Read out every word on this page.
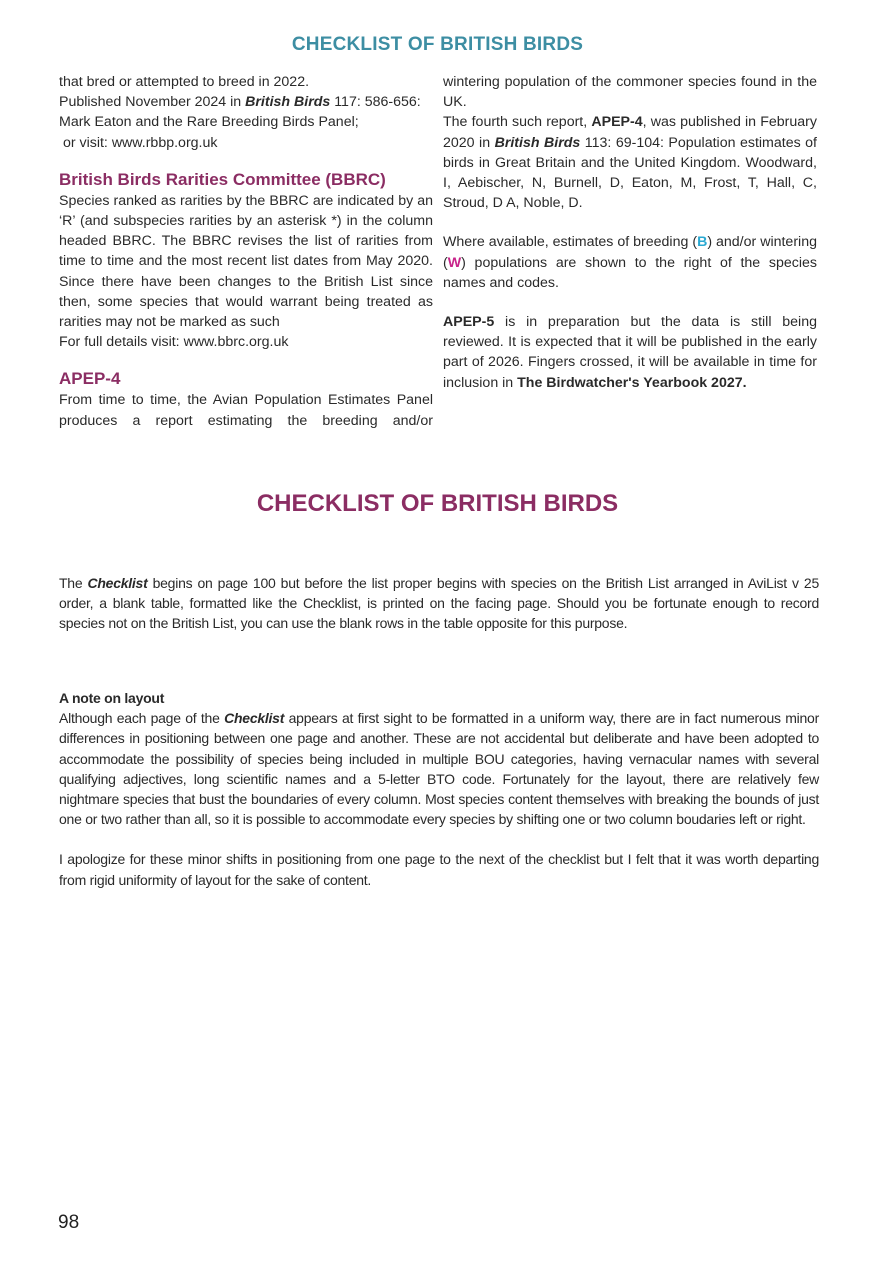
CHECKLIST OF BRITISH BIRDS

that bred or attempted to breed in 2022.

Published November 2024 in British Birds 117: 586-656:

Mark Eaton and the Rare Breeding Birds Panel;

or visit: www.rbbp.org.uk

British Birds Rarities Committee (BBRC)

Species ranked as rarities by the BBRC are indicated by an ‘R’ (and subspecies rarities by an asterisk *) in the column headed BBRC. The BBRC revises the list of rarities from time to time and the most recent list dates from May 2020. Since there have been changes to the British List since then, some species that would warrant being treated as rarities may not be marked as such

For full details visit: www.bbrc.org.uk

APEP-4

From time to time, the Avian Population Estimates Panel produces a report estimating the breeding and/or

wintering population of the commoner species found in the UK.

The fourth such report, APEP-4, was published in February 2020 in British Birds 113: 69-104: Population estimates of birds in Great Britain and the United Kingdom. Woodward, I, Aebischer, N, Burnell, D, Eaton, M, Frost, T, Hall, C, Stroud, D A, Noble, D.

Where available, estimates of breeding (B) and/or wintering (W) populations are shown to the right of the species names and codes.

APEP-5 is in preparation but the data is still being reviewed. It is expected that it will be published in the early part of 2026. Fingers crossed, it will be available in time for inclusion in The Birdwatcher's Yearbook 2027.

CHECKLIST OF BRITISH BIRDS

The Checklist begins on page 100 but before the list proper begins with species on the British List arranged in AviList v 25 order, a blank table, formatted like the Checklist, is printed on the facing page. Should you be fortunate enough to record species not on the British List, you can use the blank rows in the table opposite for this purpose.

A note on layout

Although each page of the Checklist appears at first sight to be formatted in a uniform way, there are in fact numerous minor differences in positioning between one page and another. These are not accidental but deliberate and have been adopted to accommodate the possibility of species being included in multiple BOU categories, having vernacular names with several qualifying adjectives, long scientific names and a 5-letter BTO code. Fortunately for the layout, there are relatively few nightmare species that bust the boundaries of every column. Most species content themselves with breaking the bounds of just one or two rather than all, so it is possible to accommodate every species by shifting one or two column boudaries left or right.

I apologize for these minor shifts in positioning from one page to the next of the checklist but I felt that it was worth departing from rigid uniformity of layout for the sake of content.

98
